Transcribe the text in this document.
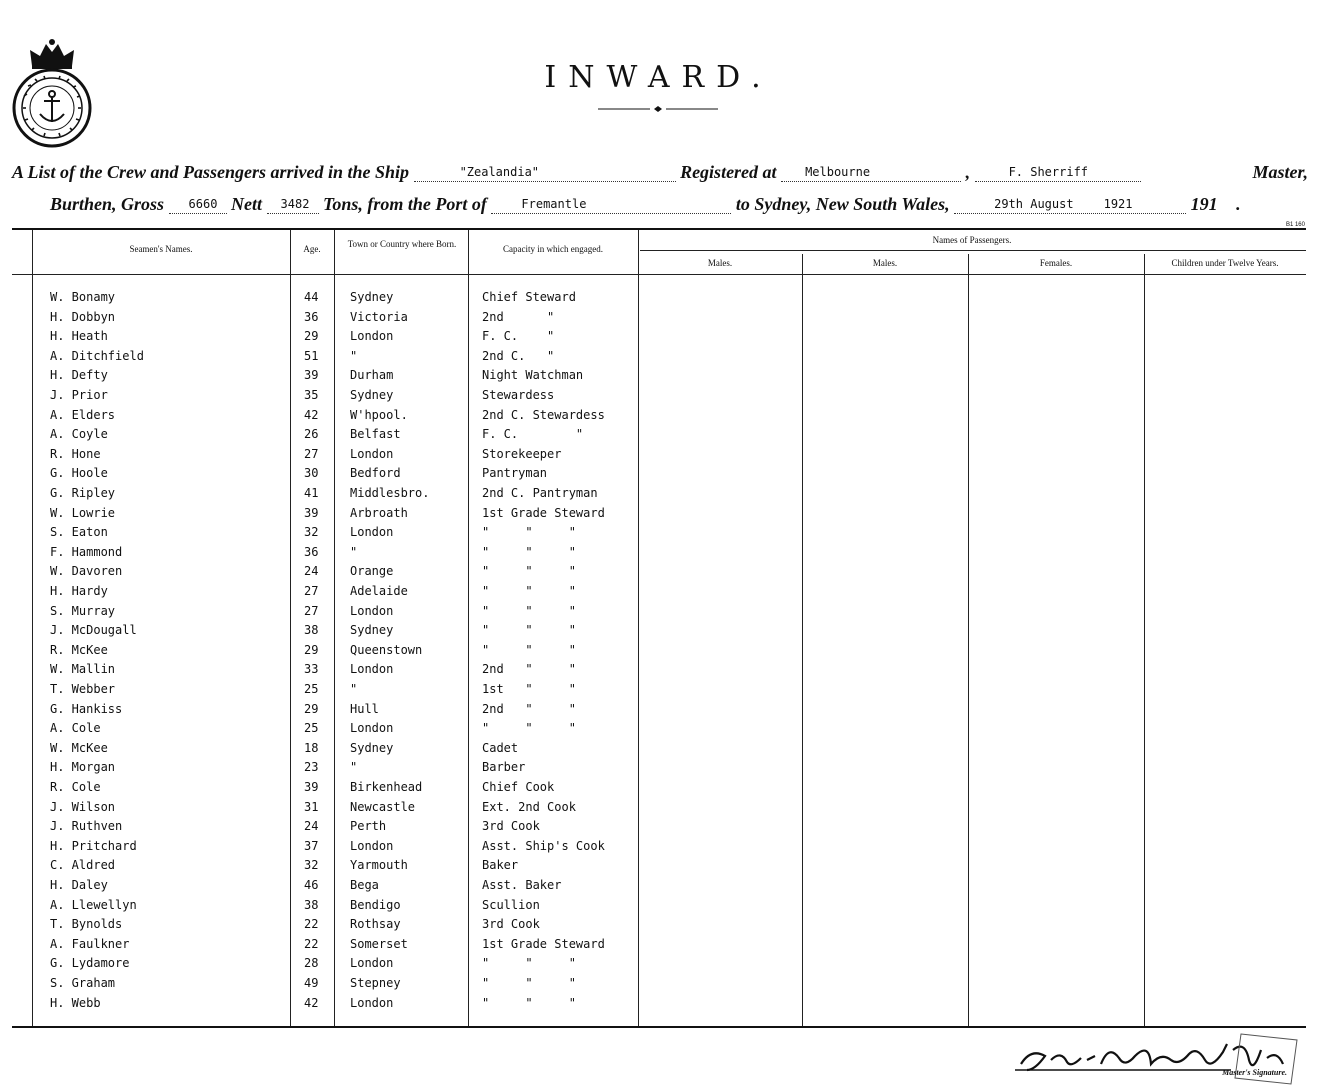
INWARD.
A List of the Crew and Passengers arrived in the Ship	"Zealandia"	Registered at Melbourne	,	F. Sherriff	Master,
Burthen, Gross 6660 Nett 3482 Tons, from the Port of	Fremantle	to Sydney, New South Wales,	29th August	1921	191 .
B1 160
Seamen's Names.	Age.	Town or Country where Born.	Capacity in which engaged.
Names of Passengers.
Males.	Males.	Females.	Children under Twelve Years.
W. Bonamy	44	Sydney	Chief Steward
H. Dobbyn	36	Victoria	2nd      "
H. Heath	29	London	F. C.    "
A. Ditchfield	51	"	2nd C.   "
H. Defty	39	Durham	Night Watchman
J. Prior	35	Sydney	Stewardess
A. Elders	42	W'hpool.	2nd C. Stewardess
A. Coyle	26	Belfast	F. C.        "
R. Hone	27	London	Storekeeper
G. Hoole	30	Bedford	Pantryman
G. Ripley	41	Middlesbro.	2nd C. Pantryman
W. Lowrie	39	Arbroath	1st Grade Steward
S. Eaton	32	London	"     "     "
F. Hammond	36	"	"     "     "
W. Davoren	24	Orange	"     "     "
H. Hardy	27	Adelaide	"     "     "
S. Murray	27	London	"     "     "
J. McDougall	38	Sydney	"     "     "
R. McKee	29	Queenstown	"     "     "
W. Mallin	33	London	2nd   "     "
T. Webber	25	"	1st   "     "
G. Hankiss	29	Hull	2nd   "     "
A. Cole	25	London	"     "     "
W. McKee	18	Sydney	Cadet
H. Morgan	23	"	Barber
R. Cole	39	Birkenhead	Chief Cook
J. Wilson	31	Newcastle	Ext. 2nd Cook
J. Ruthven	24	Perth	3rd Cook
H. Pritchard	37	London	Asst. Ship's Cook
C. Aldred	32	Yarmouth	Baker
H. Daley	46	Bega	Asst. Baker
A. Llewellyn	38	Bendigo	Scullion
T. Bynolds	22	Rothsay	3rd Cook
A. Faulkner	22	Somerset	1st Grade Steward
G. Lydamore	28	London	"     "     "
S. Graham	49	Stepney	"     "     "
H. Webb	42	London	"     "     "
Master's Signature.
